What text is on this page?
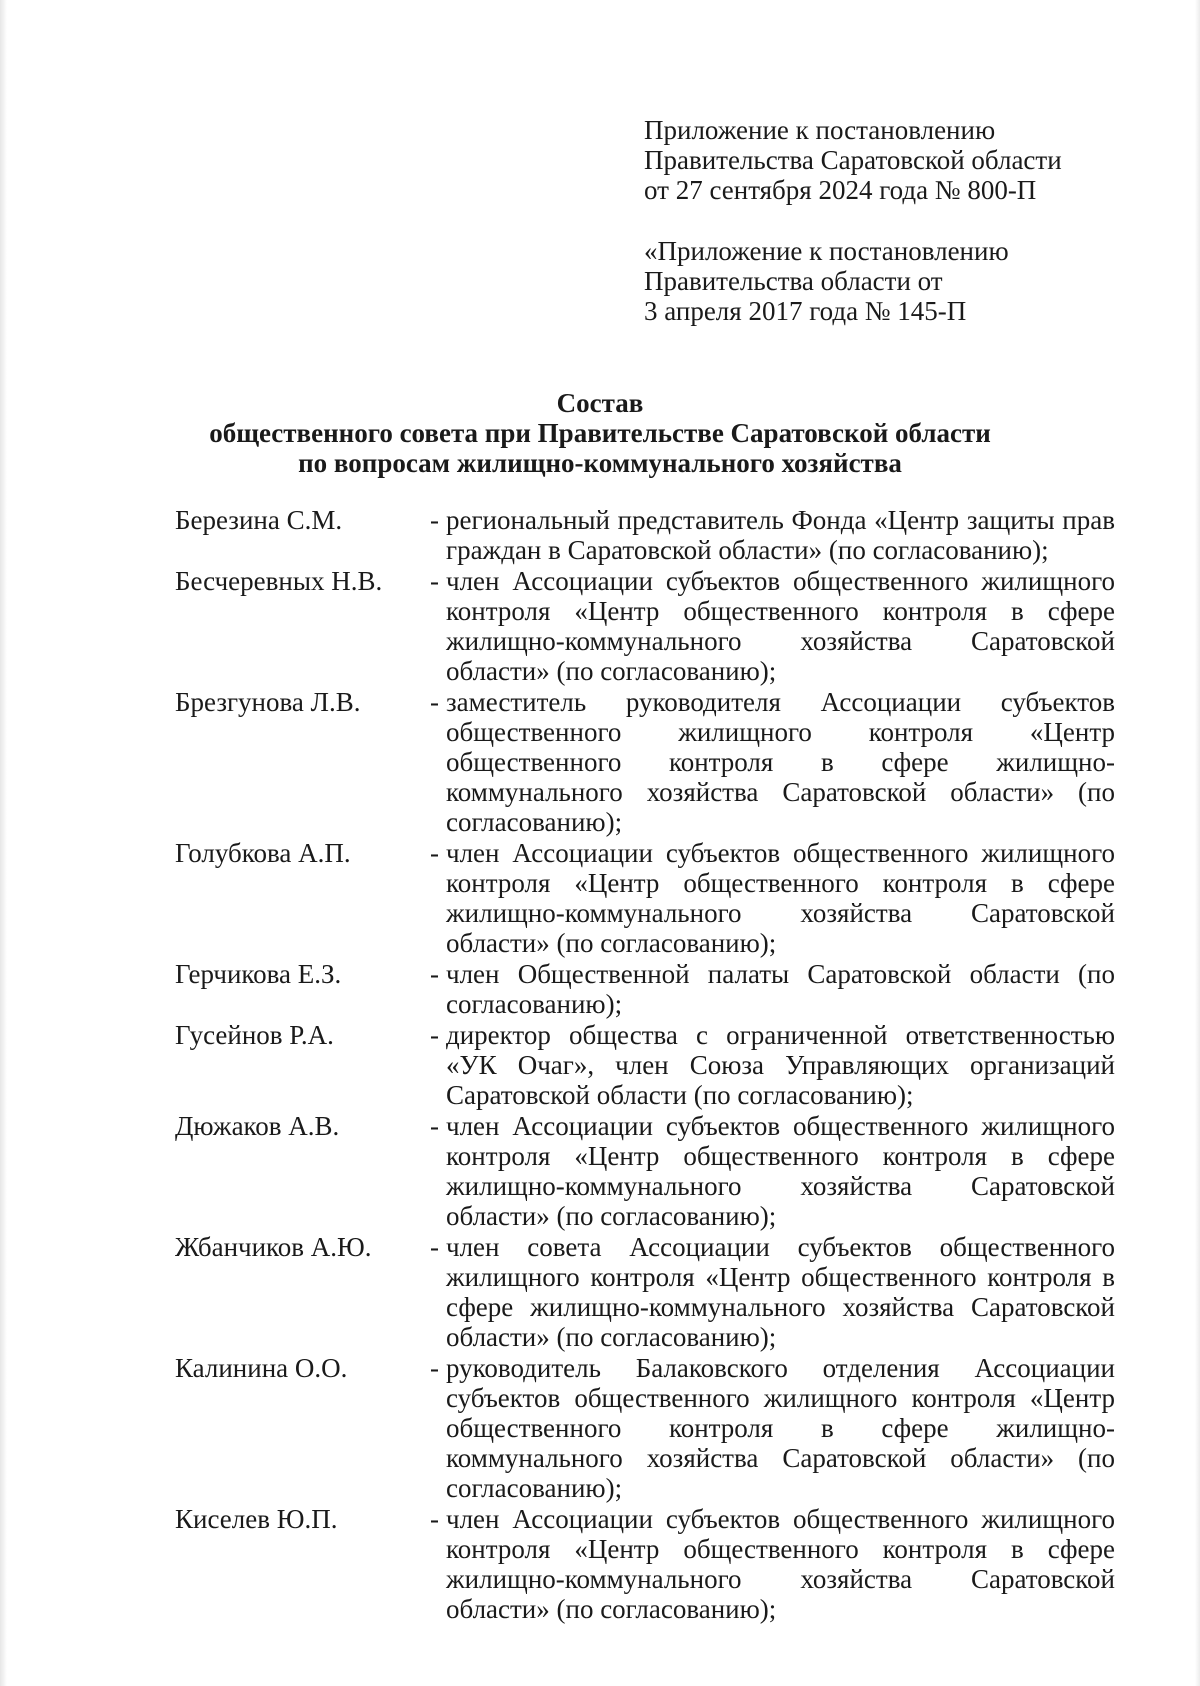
Приложение к постановлению
Правительства Саратовской области
от 27 сентября 2024 года № 800-П
«Приложение к постановлению
Правительства области от
3 апреля 2017 года № 145-П
Состав
общественного совета при Правительстве Саратовской области
по вопросам жилищно-коммунального хозяйства
Березина С.М.	- региональный представитель Фонда «Центр защиты прав граждан в Саратовской области» (по согласованию);
Бесчеревных Н.В.	- член Ассоциации субъектов общественного жилищного контроля «Центр общественного контроля в сфере жилищно-коммунального хозяйства Саратовской области» (по согласованию);
Брезгунова Л.В.	- заместитель руководителя Ассоциации субъектов общественного жилищного контроля «Центр общественного контроля в сфере жилищно-коммунального хозяйства Саратовской области» (по согласованию);
Голубкова А.П.	- член Ассоциации субъектов общественного жилищного контроля «Центр общественного контроля в сфере жилищно-коммунального хозяйства Саратовской области» (по согласованию);
Герчикова Е.З.	- член Общественной палаты Саратовской области (по согласованию);
Гусейнов Р.А.	- директор общества с ограниченной ответственностью «УК Очаг», член Союза Управляющих организаций Саратовской области (по согласованию);
Дюжаков А.В.	- член Ассоциации субъектов общественного жилищного контроля «Центр общественного контроля в сфере жилищно-коммунального хозяйства Саратовской области» (по согласованию);
Жбанчиков А.Ю.	- член совета Ассоциации субъектов общественного жилищного контроля «Центр общественного контроля в сфере жилищно-коммунального хозяйства Саратовской области» (по согласованию);
Калинина О.О.	- руководитель Балаковского отделения Ассоциации субъектов общественного жилищного контроля «Центр общественного контроля в сфере жилищно-коммунального хозяйства Саратовской области» (по согласованию);
Киселев Ю.П.	- член Ассоциации субъектов общественного жилищного контроля «Центр общественного контроля в сфере жилищно-коммунального хозяйства Саратовской области» (по согласованию);
